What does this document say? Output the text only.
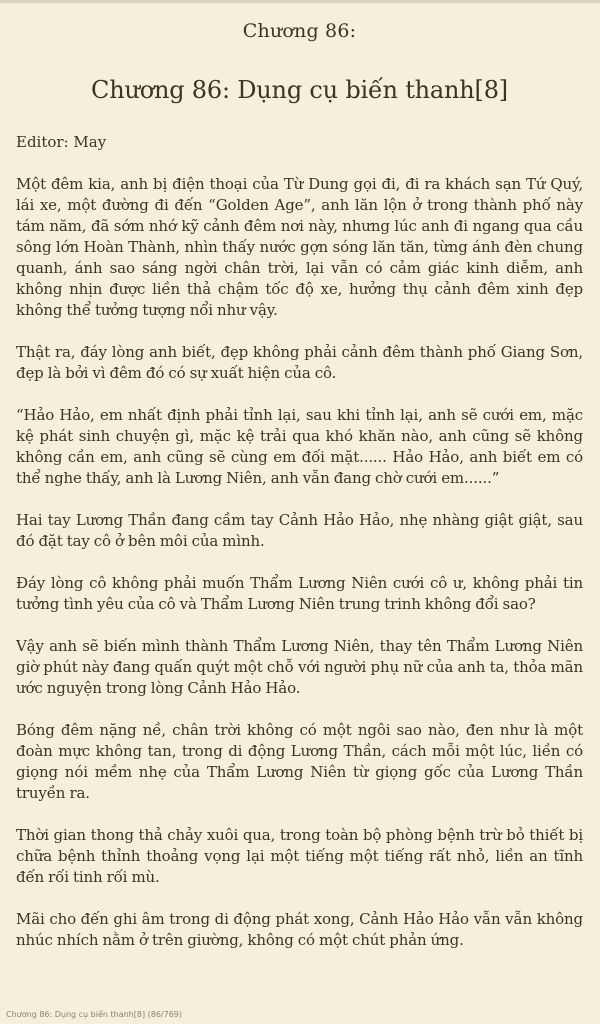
Chương 86:
Chương 86: Dụng cụ biến thanh[8]
Editor: May
Một đêm kia, anh bị điện thoại của Từ Dung gọi đi, đi ra khách sạn Tứ Quý, lái xe, một đường đi đến “Golden Age”, anh lăn lộn ở trong thành phố này tám năm, đã sớm nhớ kỹ cảnh đêm nơi này, nhưng lúc anh đi ngang qua cầu sông lớn Hoàn Thành, nhìn thấy nước gợn sóng lăn tăn, từng ánh đèn chung quanh, ánh sao sáng ngời chân trời, lại vẫn có cảm giác kinh diễm, anh không nhịn được liền thả chậm tốc độ xe, hưởng thụ cảnh đêm xinh đẹp không thể tưởng tượng nổi như vậy.
Thật ra, đáy lòng anh biết, đẹp không phải cảnh đêm thành phố Giang Sơn, đẹp là bởi vì đêm đó có sự xuất hiện của cô.
“Hảo Hảo, em nhất định phải tỉnh lại, sau khi tỉnh lại, anh sẽ cưới em, mặc kệ phát sinh chuyện gì, mặc kệ trải qua khó khăn nào, anh cũng sẽ không không cần em, anh cũng sẽ cùng em đối mặt...... Hảo Hảo, anh biết em có thể nghe thấy, anh là Lương Niên, anh vẫn đang chờ cưới em......”
Hai tay Lương Thần đang cầm tay Cảnh Hảo Hảo, nhẹ nhàng giật giật, sau đó đặt tay cô ở bên môi của mình.
Đáy lòng cô không phải muốn Thẩm Lương Niên cưới cô ư, không phải tin tưởng tình yêu của cô và Thẩm Lương Niên trung trinh không đổi sao?
Vậy anh sẽ biến mình thành Thẩm Lương Niên, thay tên Thẩm Lương Niên giờ phút này đang quấn quýt một chỗ với người phụ nữ của anh ta, thỏa mãn ước nguyện trong lòng Cảnh Hảo Hảo.
Bóng đêm nặng nề, chân trời không có một ngôi sao nào, đen như là một đoàn mực không tan, trong di động Lương Thần, cách mỗi một lúc, liền có giọng nói mềm nhẹ của Thẩm Lương Niên từ giọng gốc của Lương Thần truyền ra.
Thời gian thong thả chảy xuôi qua, trong toàn bộ phòng bệnh trừ bỏ thiết bị chữa bệnh thỉnh thoảng vọng lại một tiếng một tiếng rất nhỏ, liền an tĩnh đến rối tinh rối mù.
Mãi cho đến ghi âm trong di động phát xong, Cảnh Hảo Hảo vẫn vẫn không nhúc nhích nằm ở trên giường, không có một chút phản ứng.
Chương 86: Dụng cụ biến thanh[8] (86/769)
